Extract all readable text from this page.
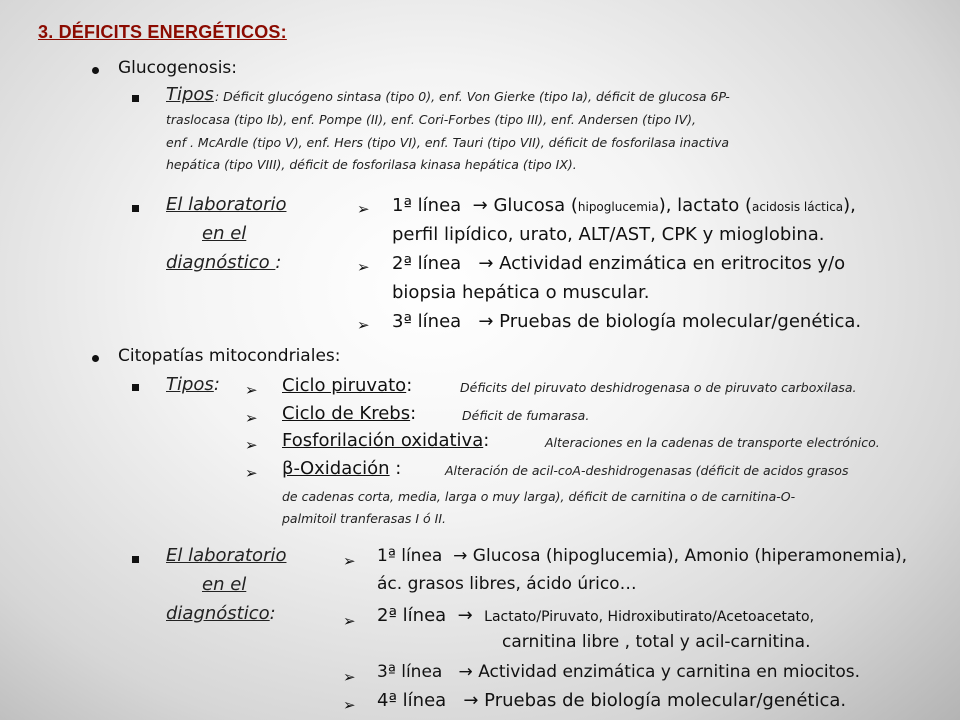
3. DÉFICITS ENERGÉTICOS:
Glucogenosis:
Tipos : Déficit glucógeno sintasa (tipo 0), enf. Von Gierke (tipo Ia), déficit de glucosa 6P-
traslocasa (tipo Ib), enf. Pompe (II), enf. Cori-Forbes (tipo III), enf. Andersen (tipo IV),
enf . McArdle (tipo V), enf. Hers (tipo VI), enf. Tauri (tipo VII), déficit de fosforilasa inactiva
hepática (tipo VIII), déficit de fosforilasa kinasa hepática (tipo IX).
El laboratorio
en el
diagnóstico :
➢ 1ª línea → Glucosa (hipoglucemia), lactato (acidosis láctica),
perfil lipídico, urato, ALT/AST, CPK y mioglobina.
➢ 2ª línea → Actividad enzimática en eritrocitos y/o
biopsia hepática o muscular.
➢ 3ª línea → Pruebas de biología molecular/genética.
Citopatías mitocondriales:
Tipos: ➢ Ciclo piruvato:	Déficits del piruvato deshidrogenasa o de piruvato carboxilasa.
➢ Ciclo de Krebs:	Déficit de fumarasa.
➢ Fosforilación oxidativa:	Alteraciones en la cadenas de transporte electrónico.
➢ β-Oxidación :	Alteración de acil-coA-deshidrogenasas (déficit de acidos grasos
de cadenas corta, media, larga o muy larga), déficit de carnitina o de carnitina-O-
palmitoil tranferasas I ó II.
El laboratorio
en el
diagnóstico:
➢ 1ª línea → Glucosa (hipoglucemia), Amonio (hiperamonemia),
ác. grasos libres, ácido úrico…
➢ 2ª línea → Lactato/Piruvato, Hidroxibutirato/Acetoacetato,
carnitina libre , total y acil-carnitina.
➢ 3ª línea → Actividad enzimática y carnitina en miocitos.
➢ 4ª línea → Pruebas de biología molecular/genética.
